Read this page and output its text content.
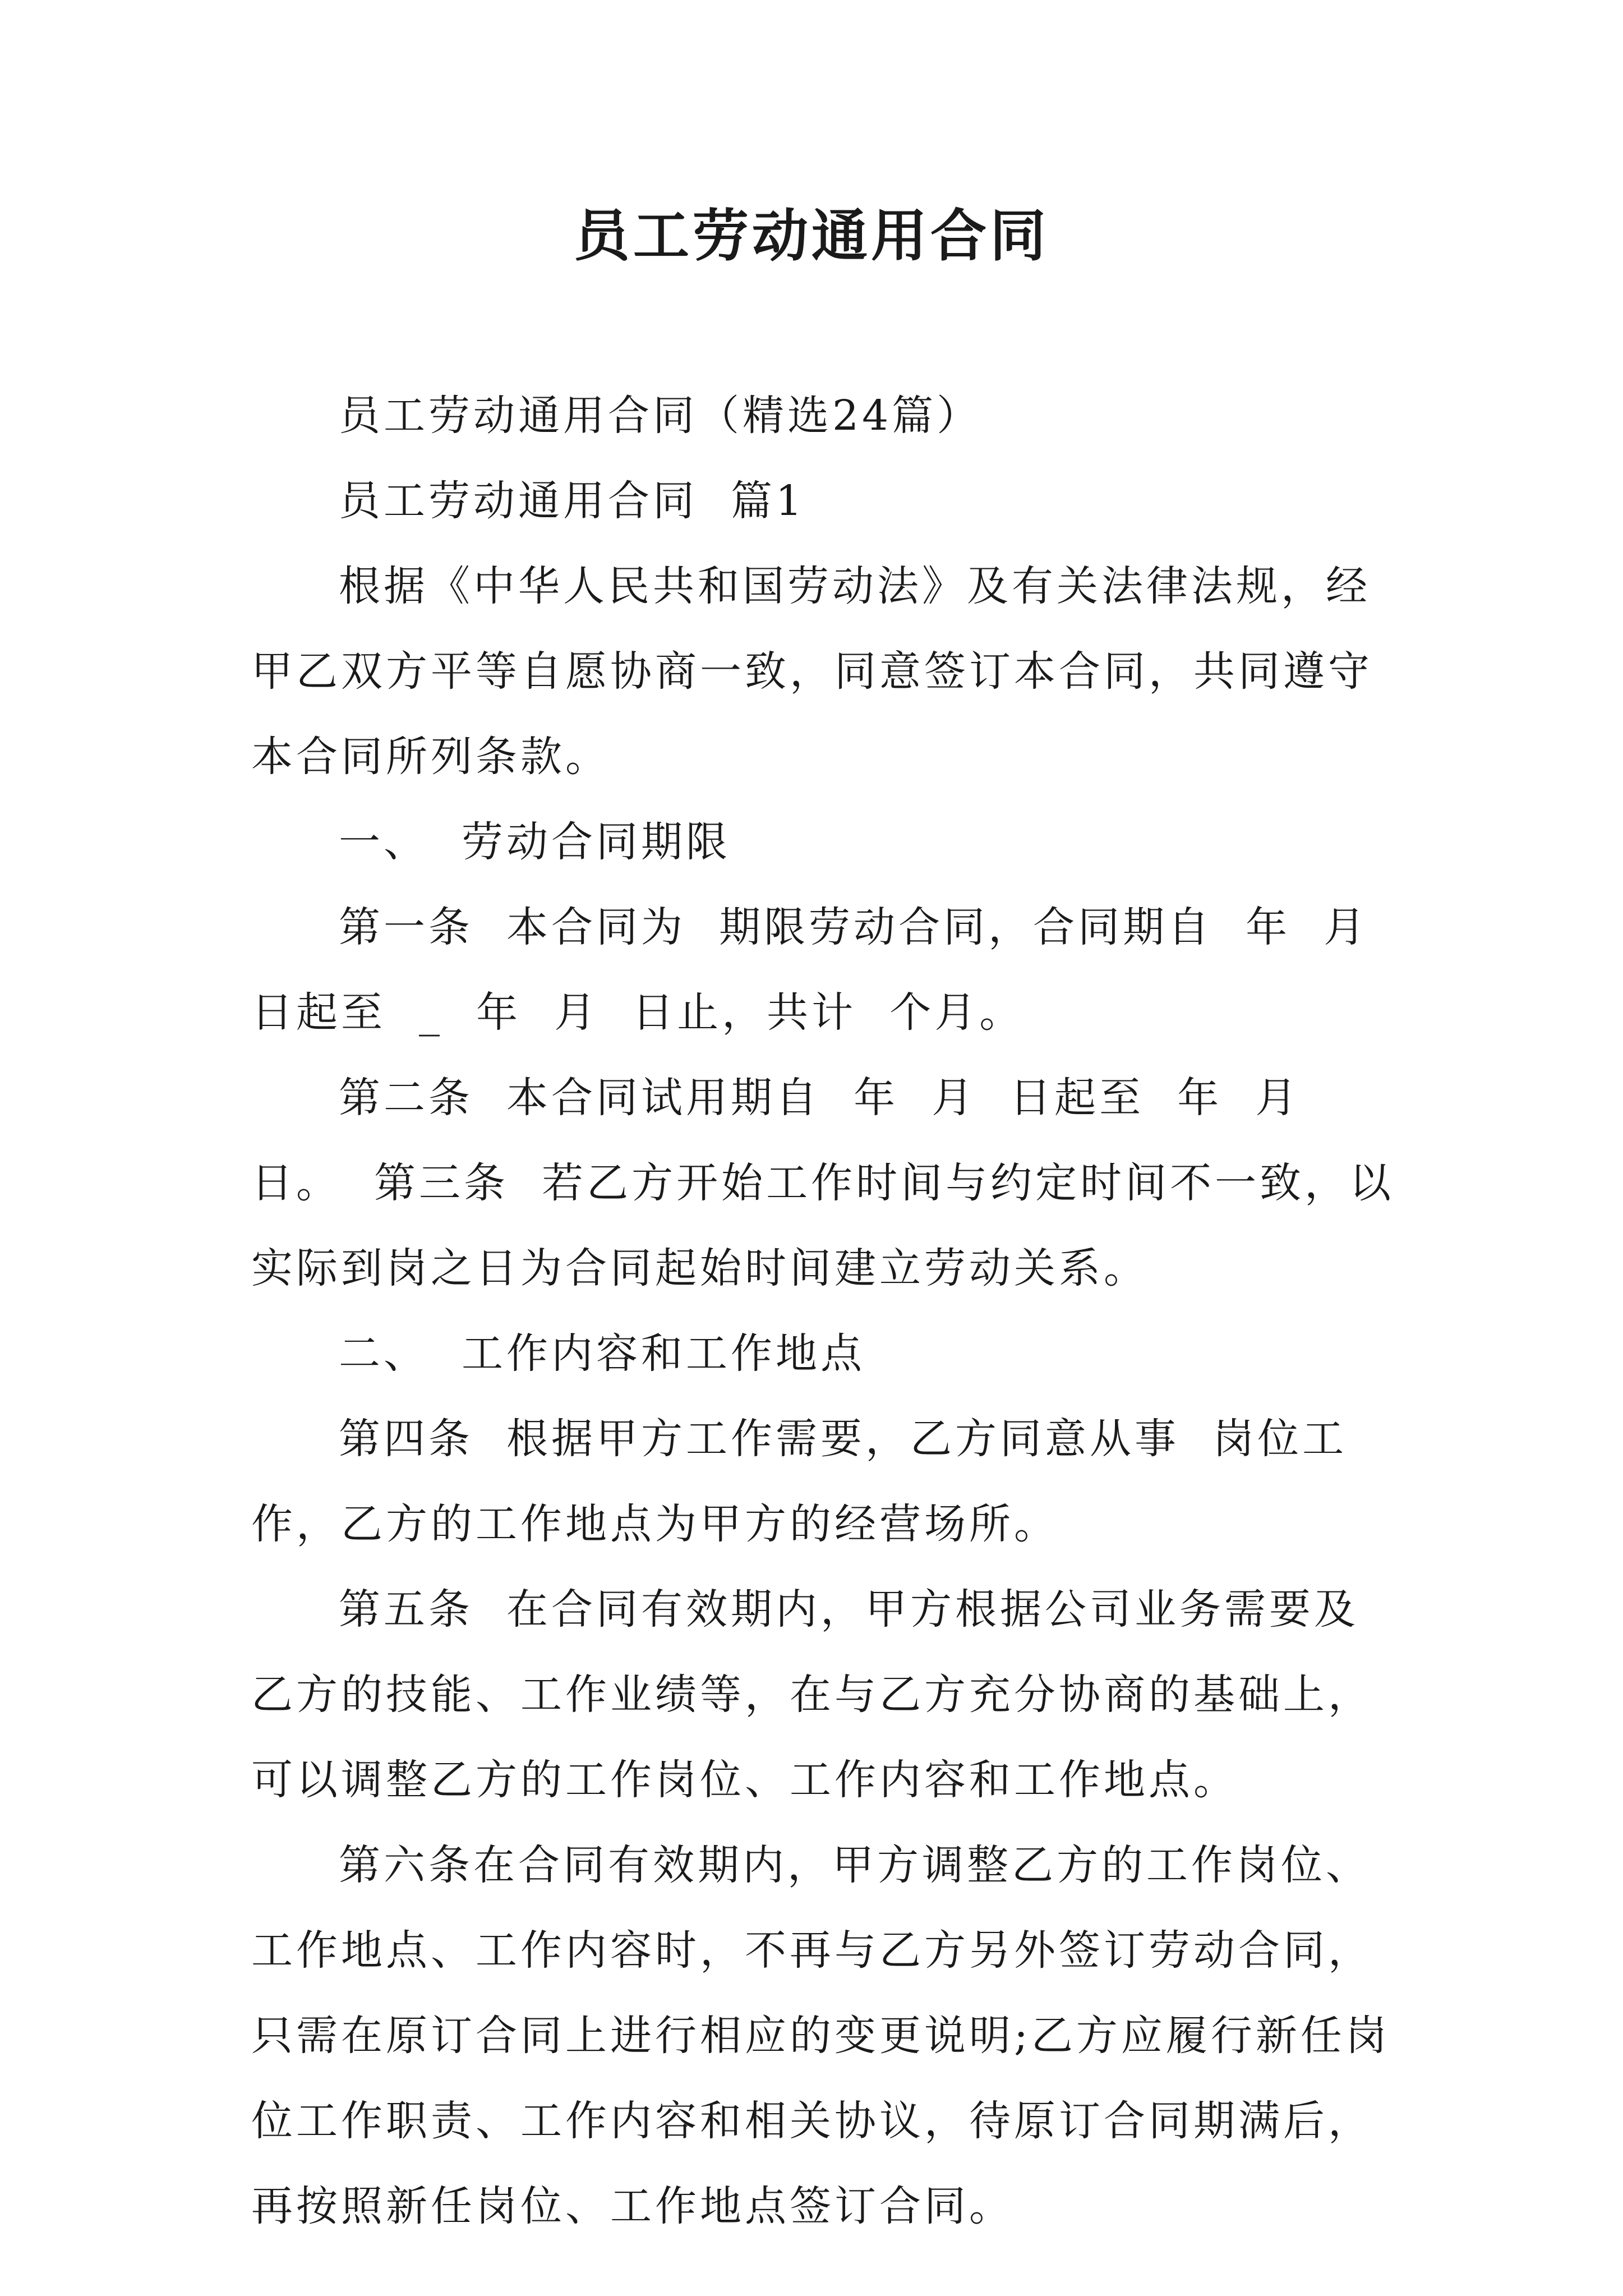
员工劳动通用合同

员工劳动通用合同（精选24篇）

员工劳动通用合同  篇1

根据《中华人民共和国劳动法》及有关法律法规，经甲乙双方平等自愿协商一致，同意签订本合同，共同遵守本合同所列条款。

一、  劳动合同期限

第一条  本合同为  期限劳动合同，合同期自  年  月  日起至  _  年  月  日止，共计  个月。

第二条  本合同试用期自  年  月  日起至  年  月  日。  第三条  若乙方开始工作时间与约定时间不一致，以实际到岗之日为合同起始时间建立劳动关系。

二、  工作内容和工作地点

第四条  根据甲方工作需要，乙方同意从事  岗位工作，乙方的工作地点为甲方的经营场所。

第五条  在合同有效期内，甲方根据公司业务需要及乙方的技能、工作业绩等，在与乙方充分协商的基础上，可以调整乙方的工作岗位、工作内容和工作地点。

第六条在合同有效期内，甲方调整乙方的工作岗位、工作地点、工作内容时，不再与乙方另外签订劳动合同，只需在原订合同上进行相应的变更说明;乙方应履行新任岗位工作职责、工作内容和相关协议，待原订合同期满后，再按照新任岗位、工作地点签订合同。
